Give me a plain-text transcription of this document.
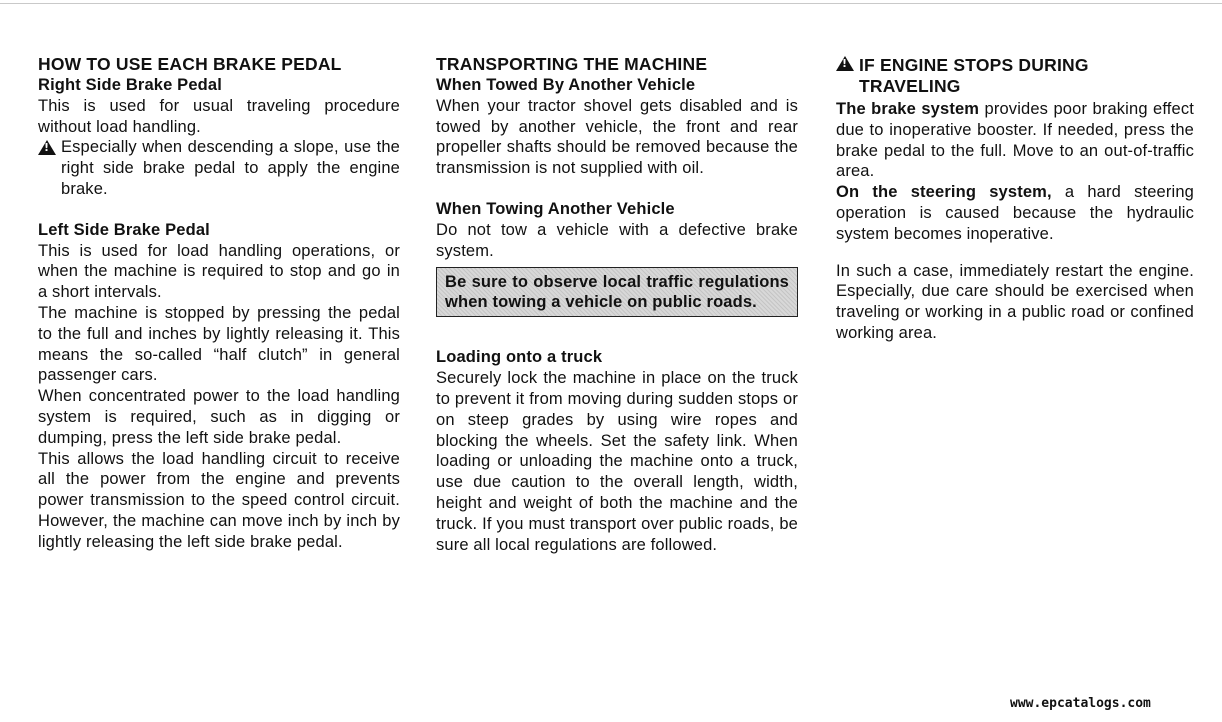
HOW TO USE EACH BRAKE PEDAL
Right Side Brake Pedal

This is used for usual traveling procedure without load handling.

!

Especially when descending a slope, use the right side brake pedal to apply the engine brake.

Left Side Brake Pedal

This is used for load handling operations, or when the machine is required to stop and go in a short intervals.

The machine is stopped by pressing the pedal to the full and inches by lightly releasing it. This means the so-called “half clutch” in general passenger cars.

When concentrated power to the load handling system is required, such as in digging or dumping, press the left side brake pedal.

This allows the load handling circuit to receive all the power from the engine and prevents power transmission to the speed control circuit. However, the machine can move inch by inch by lightly releasing the left side brake pedal.

TRANSPORTING THE MACHINE
When Towed By Another Vehicle

When your tractor shovel gets disabled and is towed by another vehicle, the front and rear propeller shafts should be removed because the transmission is not supplied with oil.

When Towing Another Vehicle

Do not tow a vehicle with a defective brake system.

Be sure to observe local traffic regulations when towing a vehicle on public roads.
Loading onto a truck

Securely lock the machine in place on the truck to prevent it from moving during sudden stops or on steep grades by using wire ropes and blocking the wheels. Set the safety link. When loading or unloading the machine onto a truck, use due caution to the overall length, width, height and weight of both the machine and the truck. If you must transport over public roads, be sure all local regulations are followed.

!
IF ENGINE STOPS DURING TRAVELING

The brake system provides poor braking effect due to inoperative booster. If needed, press the brake pedal to the full. Move to an out-of-traffic area.

On the steering system, a hard steering operation is caused because the hydraulic system becomes inoperative.

In such a case, immediately restart the engine. Especially, due care should be exercised when traveling or working in a public road or confined working area.

www.epcatalogs.com
